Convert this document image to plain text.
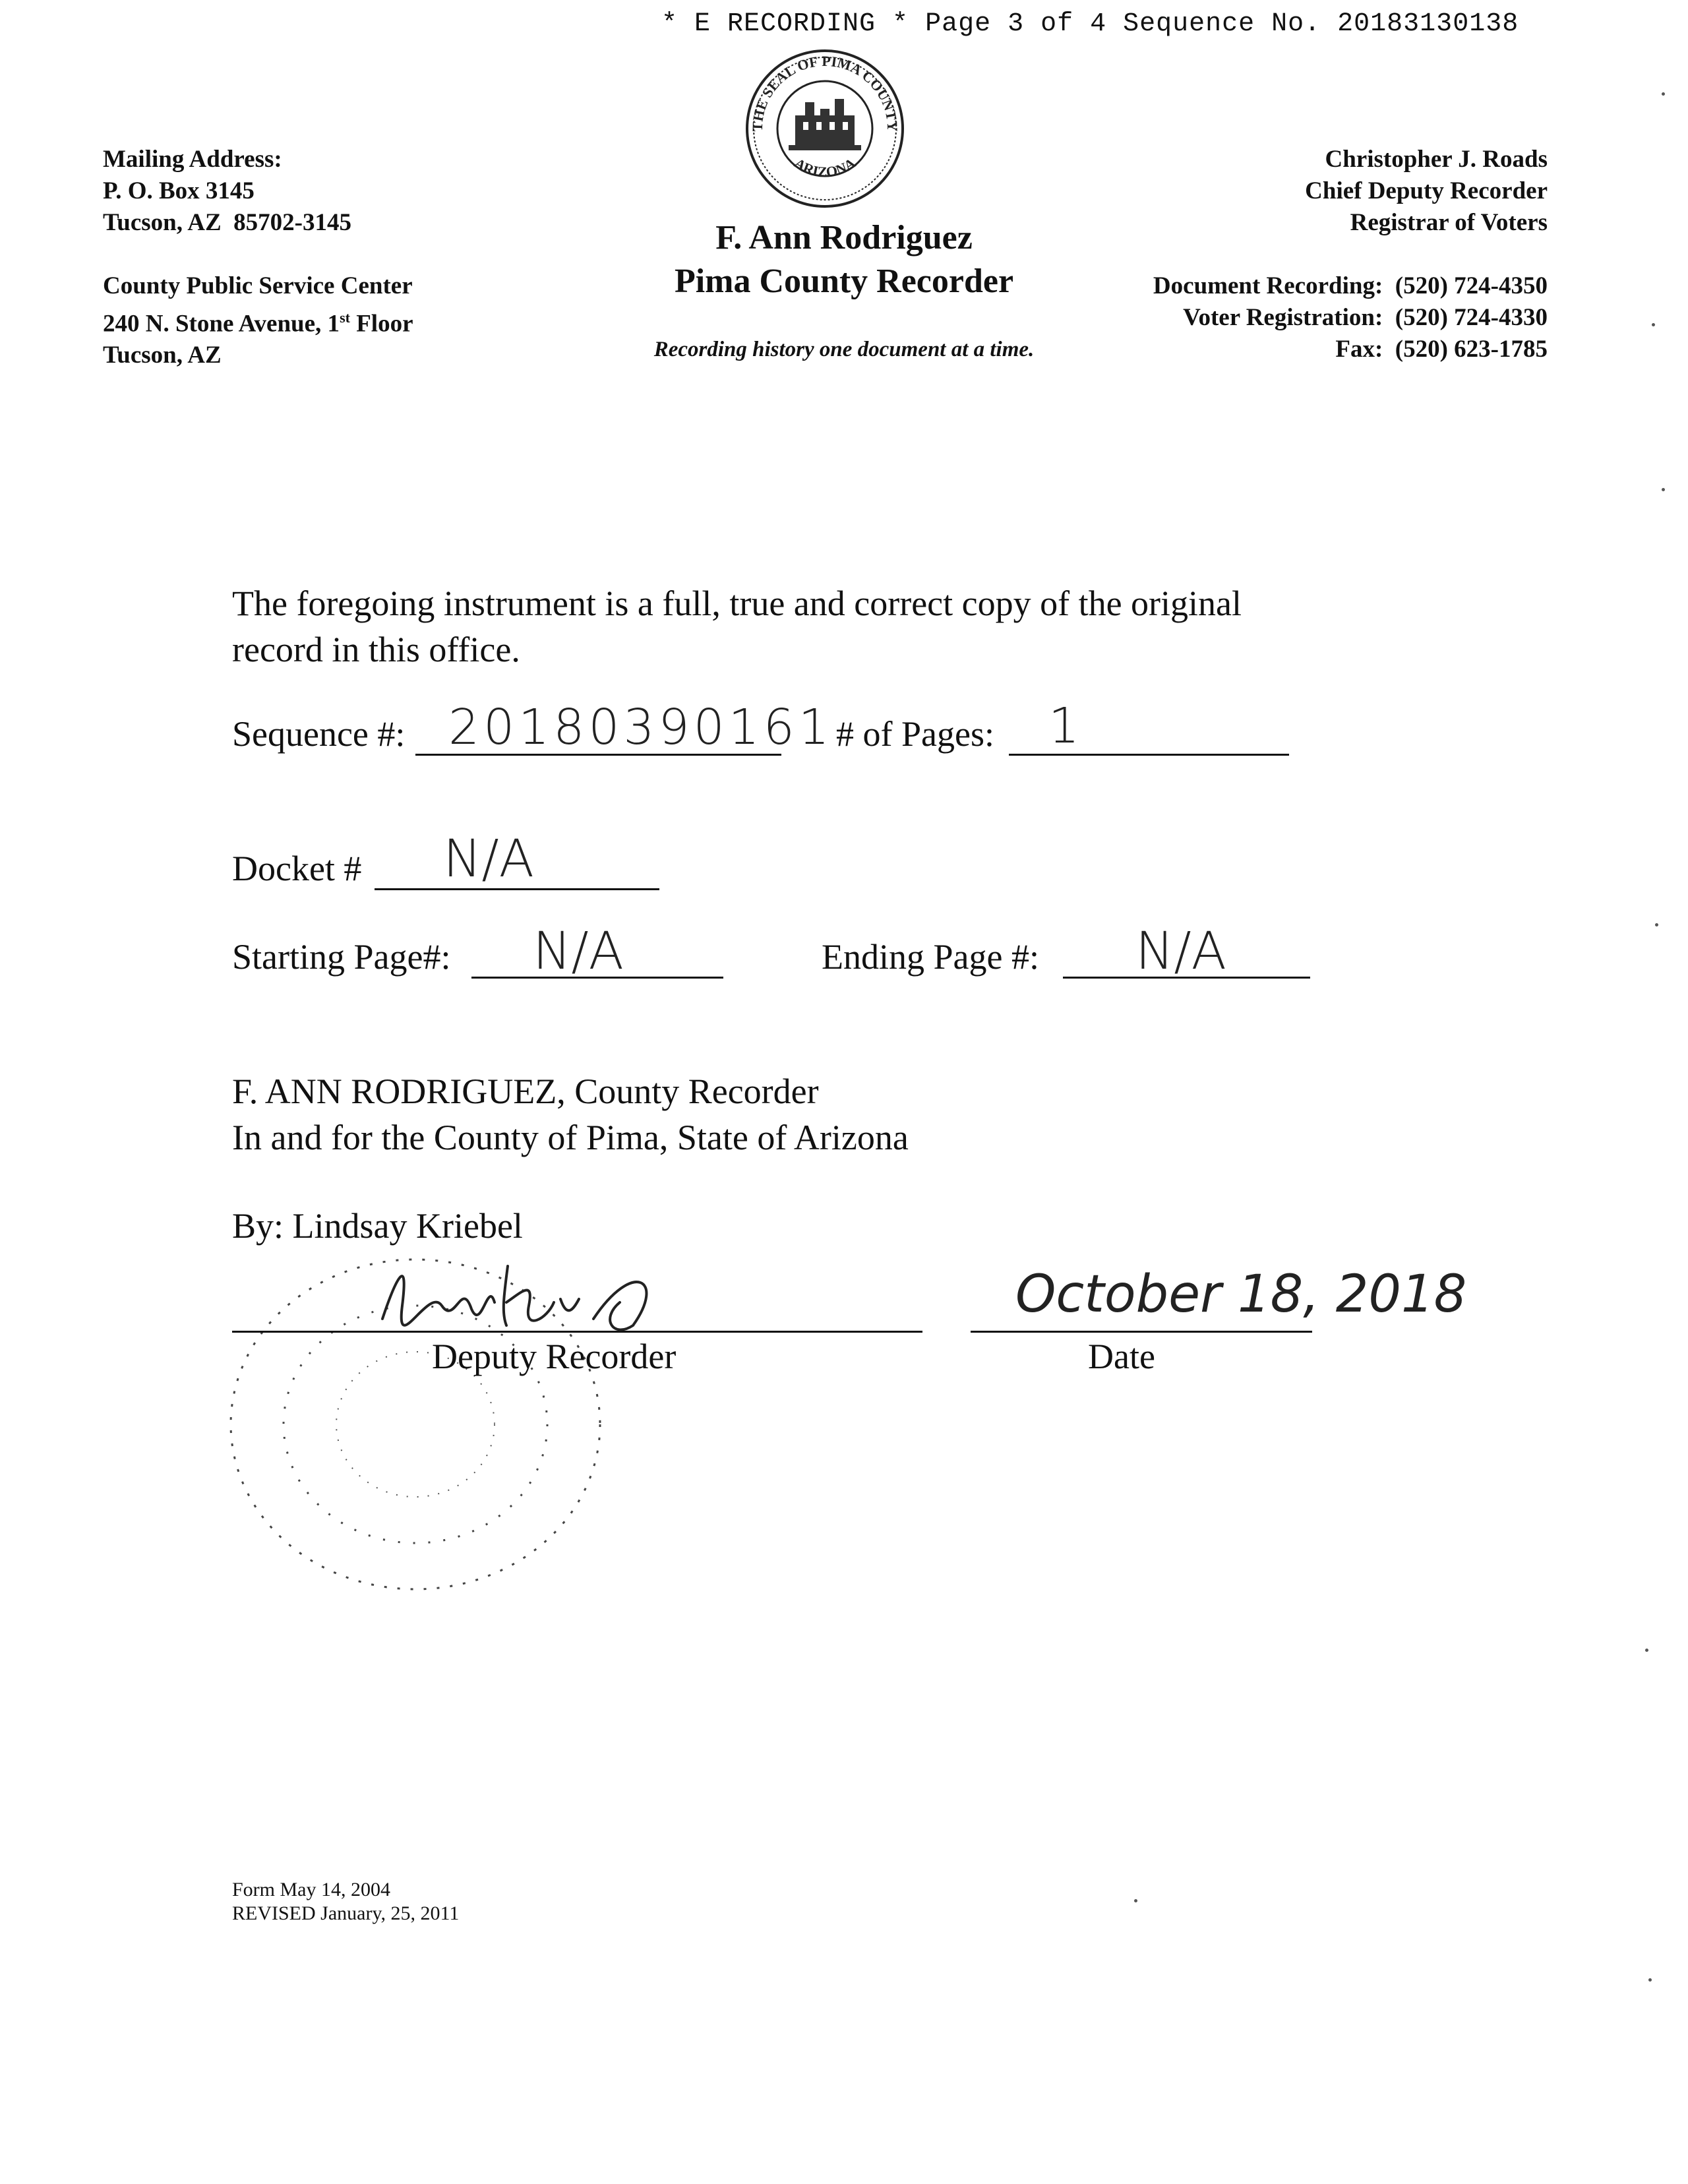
* E RECORDING * Page 3 of 4 Sequence No. 20183130138
THE SEAL OF PIMA COUNTY
ARIZONA
Mailing Address:
P. O. Box 3145
Tucson, AZ  85702-3145
County Public Service Center
240 N. Stone Avenue, 1st Floor
Tucson, AZ
F. Ann Rodriguez
Pima County Recorder
Recording history one document at a time.
Christopher J. Roads
Chief Deputy Recorder
Registrar of Voters
Document Recording:  (520) 724-4350
Voter Registration:  (520) 724-4330
Fax:  (520) 623-1785
The foregoing instrument is a full, true and correct copy of the original
record in this office.
Sequence #: 20180390161 # of Pages: 1
Docket # N/A
Starting Page#: N/A	Ending Page #: N/A
F. ANN RODRIGUEZ, County Recorder
In and for the County of Pima, State of Arizona
By: Lindsay Kriebel
Deputy Recorder
October 18, 2018
Date
Form May 14, 2004
REVISED January, 25, 2011
